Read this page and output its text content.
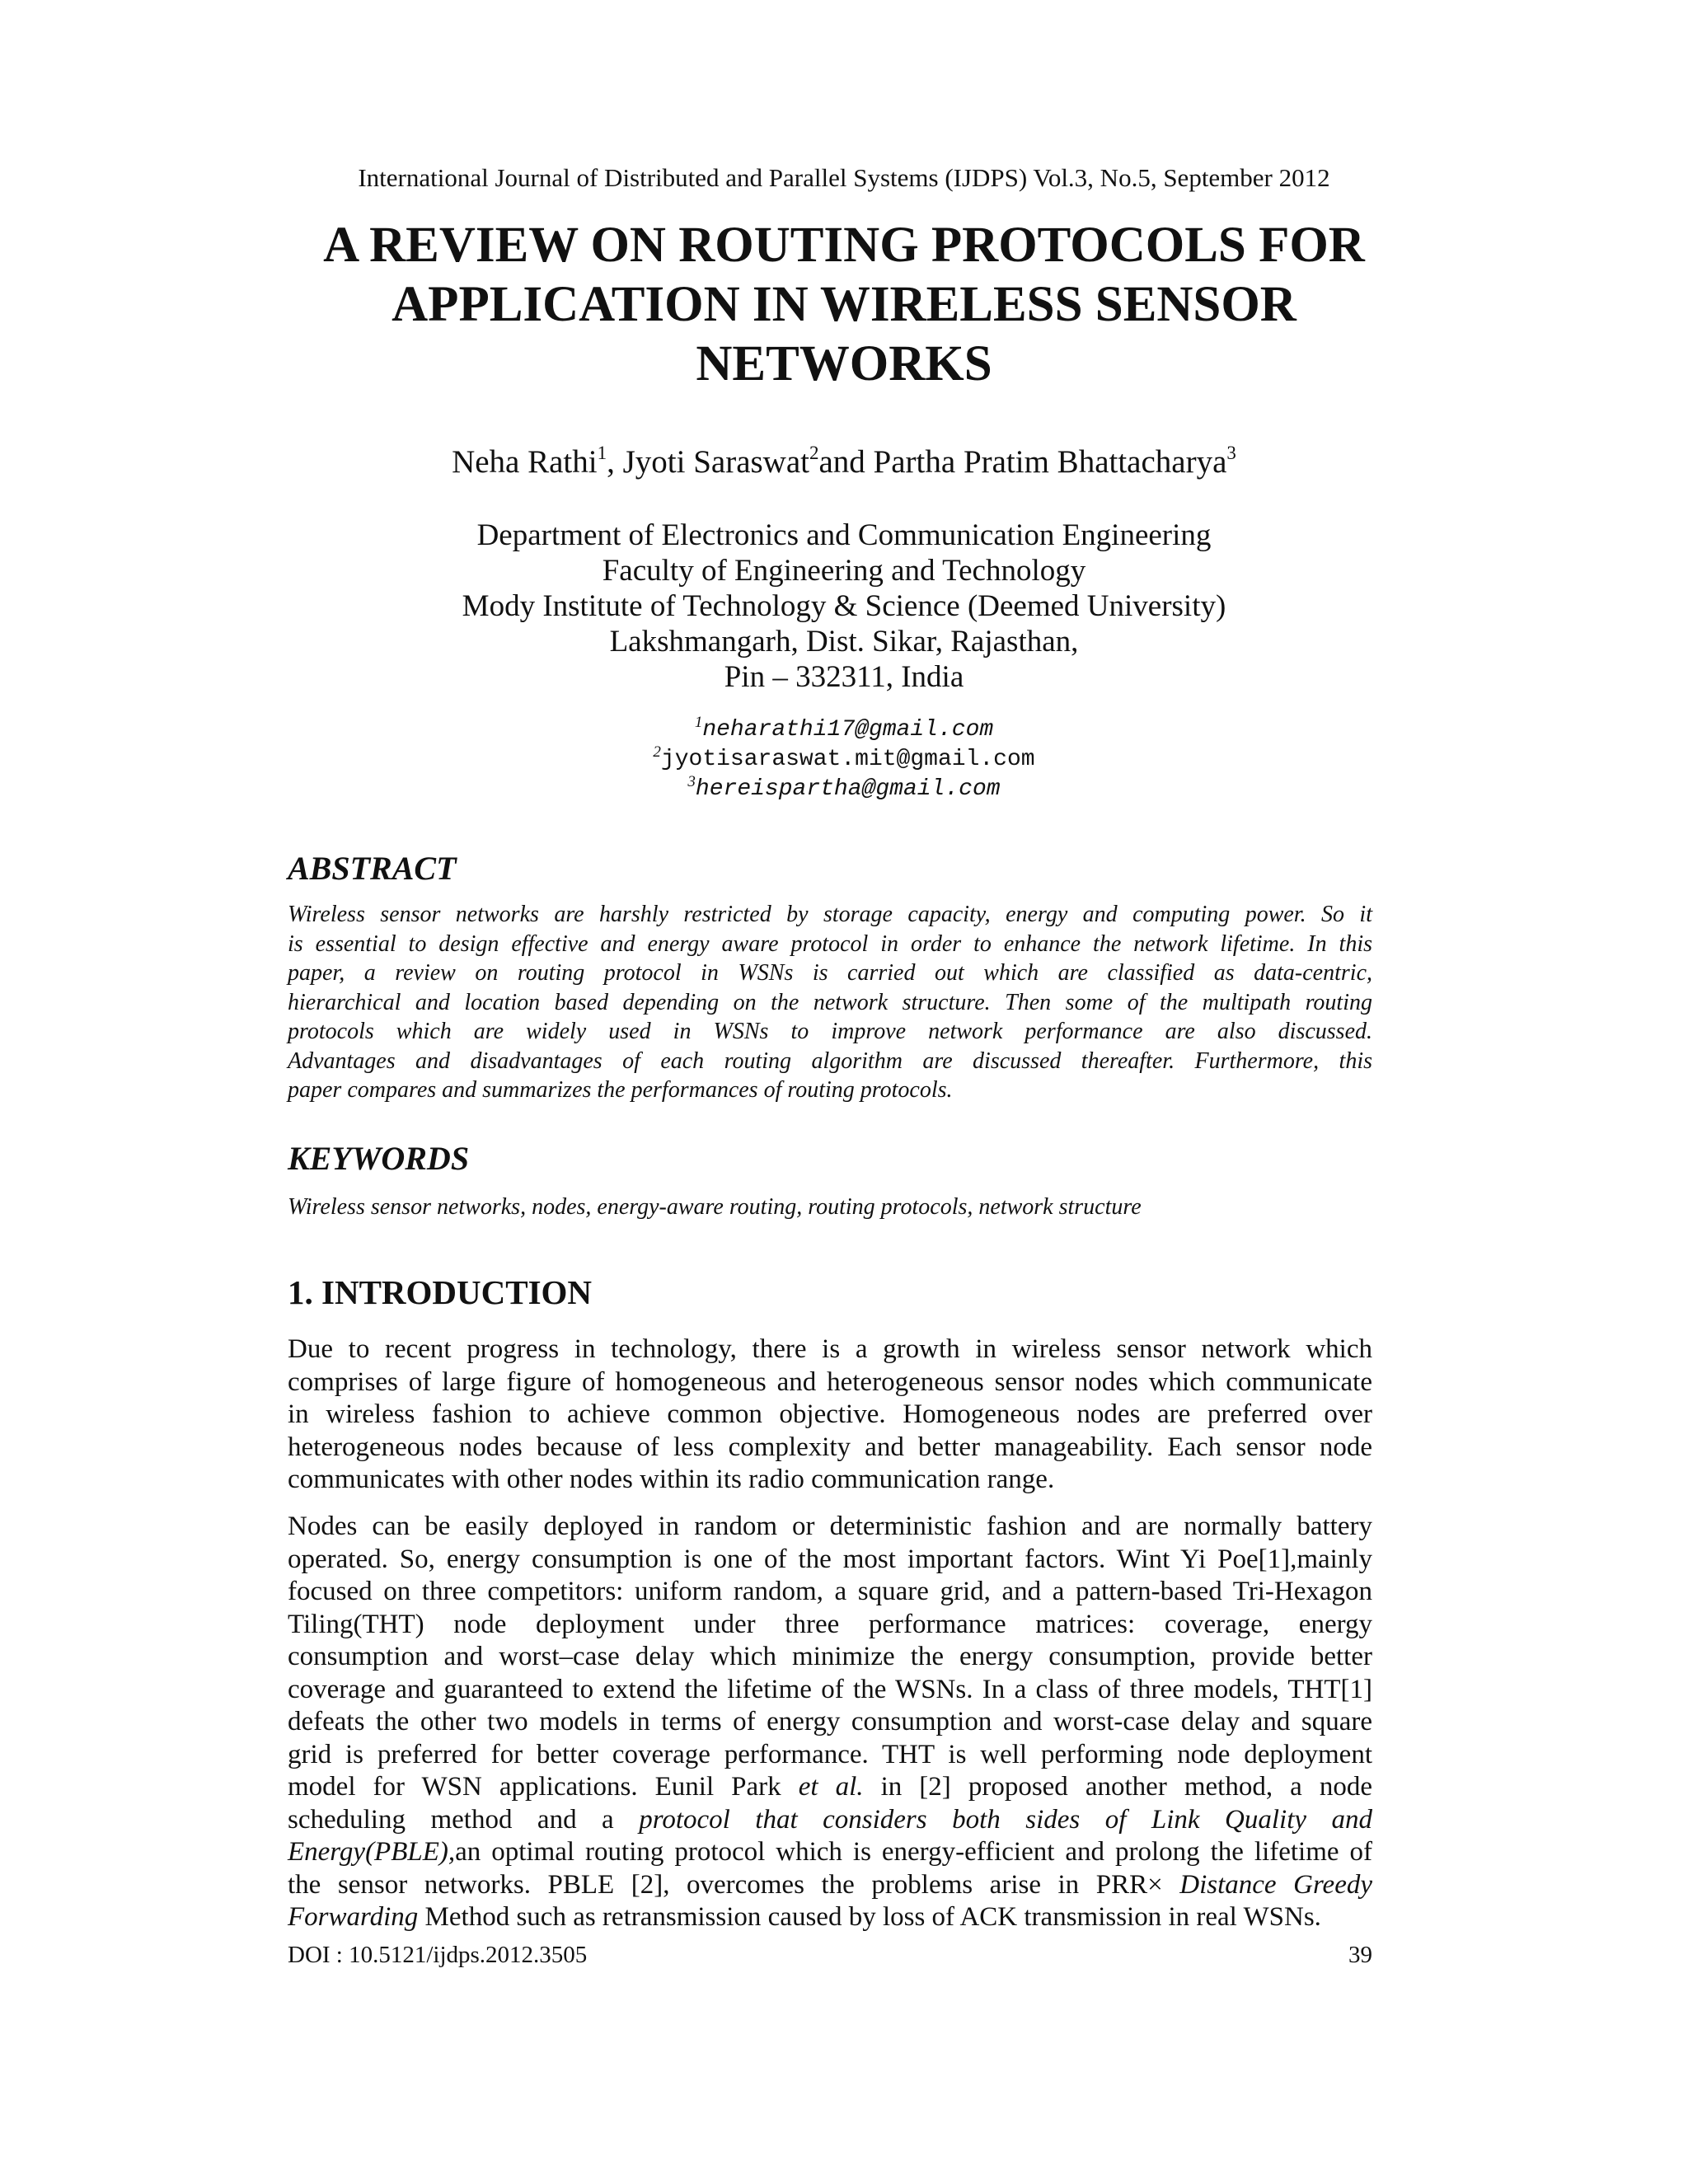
International Journal of Distributed and Parallel Systems (IJDPS) Vol.3, No.5, September 2012
A REVIEW ON ROUTING PROTOCOLS FOR
APPLICATION IN WIRELESS SENSOR
NETWORKS
Neha Rathi$^1$, Jyoti Saraswat$^2$and Partha Pratim Bhattacharya$^3$
Department of Electronics and Communication Engineering
Faculty of Engineering and Technology
Mody Institute of Technology & Science (Deemed University)
Lakshmangarh, Dist. Sikar, Rajasthan,
Pin – 332311, India
$^1$neharathi17@gmail.com
$^2$jyotisaraswat.mit@gmail.com
$^3$hereispartha@gmail.com
ABSTRACT
Wireless sensor networks are harshly restricted by storage capacity, energy and computing power. So it
is essential to design effective and energy aware protocol in order to enhance the network lifetime. In this
paper, a review on routing protocol in WSNs is carried out which are classified as data-centric,
hierarchical and location based depending on the network structure. Then some of the multipath routing
protocols which are widely used in WSNs to improve network performance are also discussed.
Advantages and disadvantages of each routing algorithm are discussed thereafter. Furthermore, this
paper compares and summarizes the performances of routing protocols.
KEYWORDS
Wireless sensor networks, nodes, energy-aware routing, routing protocols, network structure
1. INTRODUCTION
Due to recent progress in technology, there is a growth in wireless sensor network which
comprises of large figure of homogeneous and heterogeneous sensor nodes which communicate
in wireless fashion to achieve common objective. Homogeneous nodes are preferred over
heterogeneous nodes because of less complexity and better manageability. Each sensor node
communicates with other nodes within its radio communication range.
Nodes can be easily deployed in random or deterministic fashion and are normally battery
operated. So, energy consumption is one of the most important factors. Wint Yi Poe[1],mainly
focused on three competitors: uniform random, a square grid, and a pattern-based Tri-Hexagon
Tiling(THT) node deployment under three performance matrices: coverage, energy
consumption and worst–case delay which minimize the energy consumption, provide better
coverage and guaranteed to extend the lifetime of the WSNs. In a class of three models, THT[1]
defeats the other two models in terms of energy consumption and worst-case delay and square
grid is preferred for better coverage performance. THT is well performing node deployment
model for WSN applications. Eunil Park et al. in [2] proposed another method, a node
scheduling method and a protocol that considers both sides of Link Quality and
Energy(PBLE),an optimal routing protocol which is energy-efficient and prolong the lifetime of
the sensor networks. PBLE [2], overcomes the problems arise in PRR× Distance Greedy
Forwarding Method such as retransmission caused by loss of ACK transmission in real WSNs.
DOI : 10.5121/ijdps.2012.3505	39
